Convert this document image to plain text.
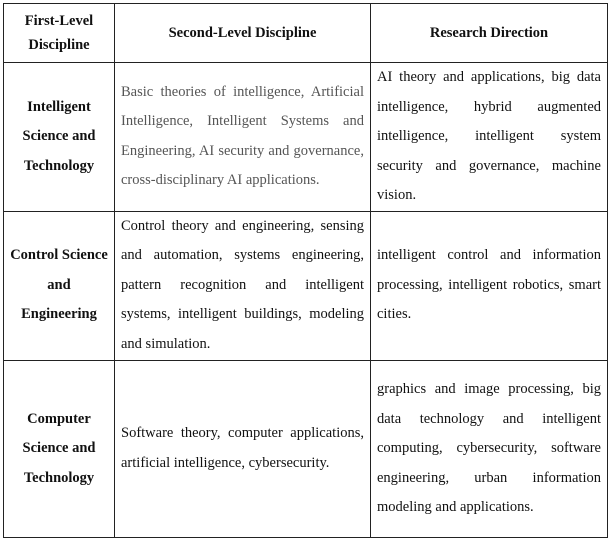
First-Level Discipline	Second-Level Discipline	Research Direction
Intelligent Science and Technology	Basic theories of intelligence, Artificial Intelligence, Intelligent Systems and Engineering, AI security and governance, cross-disciplinary AI applications.	AI theory and applications, big data intelligence, hybrid augmented intelligence, intelligent system security and governance, machine vision.
Control Science and Engineering	Control theory and engineering, sensing and automation, systems engineering, pattern recognition and intelligent systems, intelligent buildings, modeling and simulation.	intelligent control and information processing, intelligent robotics, smart cities.
Computer Science and Technology	Software theory, computer applications, artificial intelligence, cybersecurity.	graphics and image processing, big data technology and intelligent computing, cybersecurity, software engineering, urban information modeling and applications.
